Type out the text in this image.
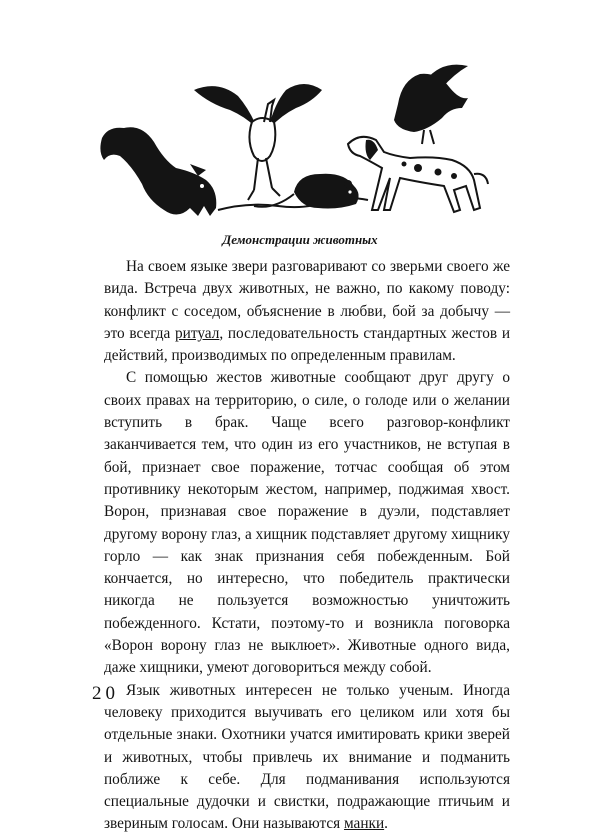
Демонстрации животных

На своем языке звери разговаривают со зверьми своего же вида. Встреча двух животных, не важно, по какому поводу: конфликт с соседом, объяснение в любви, бой за добычу — это всегда ритуал, последовательность стандартных жестов и действий, производимых по определенным правилам.

С помощью жестов животные сообщают друг другу о своих правах на территорию, о силе, о голоде или о желании вступить в брак. Чаще всего разговор-конфликт заканчивается тем, что один из его участников, не вступая в бой, признает свое поражение, тотчас сообщая об этом противнику некоторым жестом, например, поджимая хвост. Ворон, признавая свое поражение в дуэли, подставляет другому ворону глаз, а хищник подставляет другому хищнику горло — как знак признания себя побежденным. Бой кончается, но интересно, что победитель практически никогда не пользуется возможностью уничтожить побежденного. Кстати, поэтому-то и возникла поговорка «Ворон ворону глаз не выклюет». Животные одного вида, даже хищники, умеют договориться между собой.

Язык животных интересен не только ученым. Иногда человеку приходится выучивать его целиком или хотя бы отдельные знаки. Охотники учатся имитировать крики зверей и животных, чтобы привлечь их внимание и подманить поближе к себе. Для подманивания используются специальные дудочки и свистки, подражающие птичьим и звериным голосам. Они называются манки.

20
